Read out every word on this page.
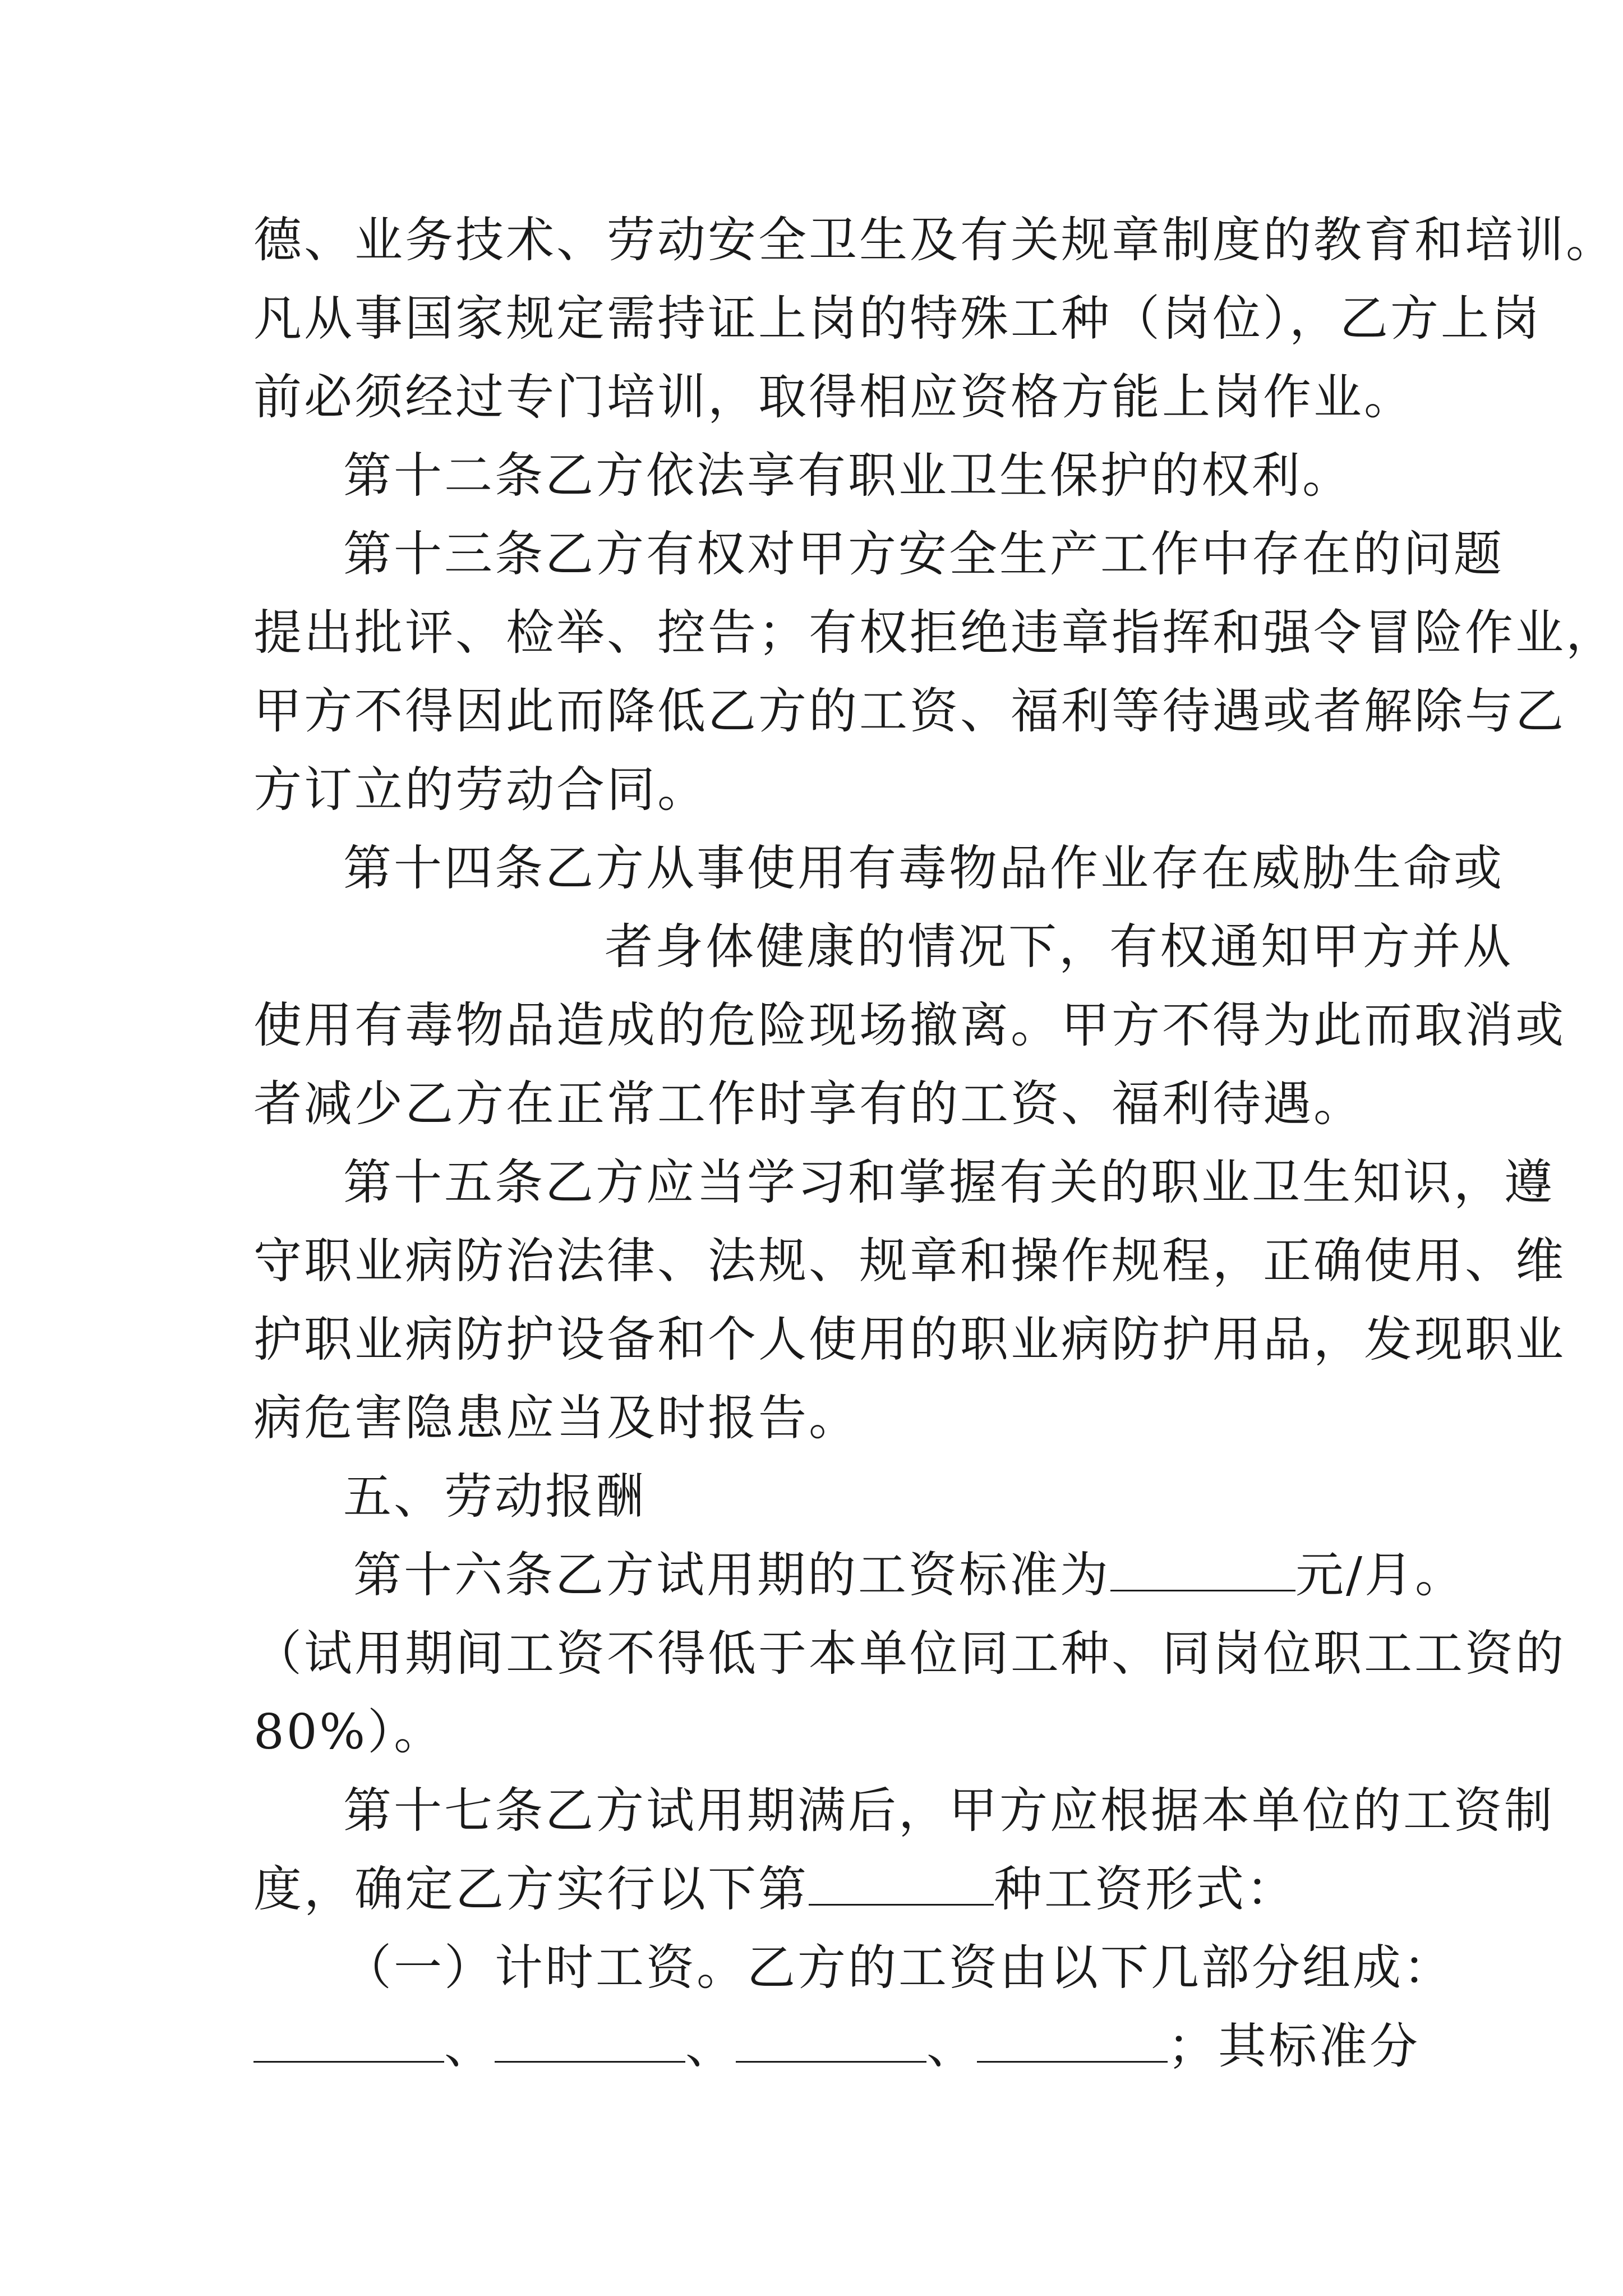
德、业务技术、劳动安全卫生及有关规章制度的教育和培训。
凡从事国家规定需持证上岗的特殊工种（岗位），乙方上岗
前必须经过专门培训，取得相应资格方能上岗作业。
第十二条乙方依法享有职业卫生保护的权利。
第十三条乙方有权对甲方安全生产工作中存在的问题
提出批评、检举、控告；有权拒绝违章指挥和强令冒险作业，
甲方不得因此而降低乙方的工资、福利等待遇或者解除与乙
方订立的劳动合同。
第十四条乙方从事使用有毒物品作业存在威胁生命或
者身体健康的情况下，有权通知甲方并从
使用有毒物品造成的危险现场撤离。甲方不得为此而取消或
者减少乙方在正常工作时享有的工资、福利待遇。
第十五条乙方应当学习和掌握有关的职业卫生知识，遵
守职业病防治法律、法规、规章和操作规程，正确使用、维
护职业病防护设备和个人使用的职业病防护用品，发现职业
病危害隐患应当及时报告。
五、劳动报酬
第十六条乙方试用期的工资标准为	元/月。
（试用期间工资不得低于本单位同工种、同岗位职工工资的
80%）。
第十七条乙方试用期满后，甲方应根据本单位的工资制
度，确定乙方实行以下第	种工资形式：
（一）计时工资。乙方的工资由以下几部分组成：
、	、	、	；其标准分
